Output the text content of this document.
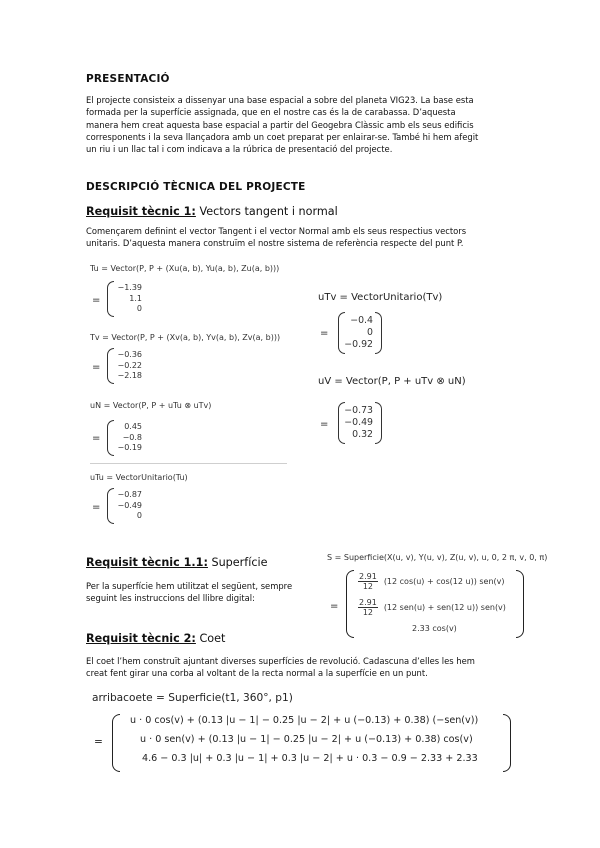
PRESENTACIÓ
El projecte consisteix a dissenyar una base espacial a sobre del planeta VIG23. La base esta
formada per la superfície assignada, que en el nostre cas és la de carabassa. D’aquesta
manera hem creat aquesta base espacial a partir del Geogebra Clàssic amb els seus edificis
corresponents i la seva llançadora amb un coet preparat per enlairar-se. També hi hem afegit
un riu i un llac tal i com indicava a la rúbrica de presentació del projecte.
DESCRIPCIÓ TÈCNICA DEL PROJECTE
Requisit tècnic 1: Vectors tangent i normal
Començarem definint el vector Tangent i el vector Normal amb els seus respectius vectors
unitaris. D’aquesta manera construïm el nostre sistema de referència respecte del punt P.
Tu = Vector(P, P + (Xu(a, b), Yu(a, b), Zu(a, b)))
=
−1.39
1.1
0
Tv = Vector(P, P + (Xv(a, b), Yv(a, b), Zv(a, b)))
=
−0.36
−0.22
−2.18
uN = Vector(P, P + uTu ⊗ uTv)
=
0.45
−0.8
−0.19
uTu = VectorUnitario(Tu)
=
−0.87
−0.49
0
uTv = VectorUnitario(Tv)
=
−0.4
0
−0.92
uV = Vector(P, P + uTv ⊗ uN)
=
−0.73
−0.49
0.32
Requisit tècnic 1.1: Superfície
Per la superfície hem utilitzat el següent, sempre
seguint les instruccions del llibre digital:
S = Superficie(X(u, v), Y(u, v), Z(u, v), u, 0, 2 π, v, 0, π)
=
$\frac{2.91}{12} (12$ cos(u) + cos(12 u)) sen(v)
$\frac{2.91}{12} (12$ sen(u) + sen(12 u)) sen(v)
2.33 cos(v)
Requisit tècnic 2: Coet
El coet l’hem construït ajuntant diverses superfícies de revolució. Cadascuna d’elles les hem
creat fent girar una corba al voltant de la recta normal a la superfície en un punt.
arribacoete = Superficie(t1, 360°, p1)
=
u · 0 cos(v) + (0.13 |u − 1| − 0.25 |u − 2| + u (−0.13) + 0.38) (−sen(v))
u · 0 sen(v) + (0.13 |u − 1| − 0.25 |u − 2| + u (−0.13) + 0.38) cos(v)
4.6 − 0.3 |u| + 0.3 |u − 1| + 0.3 |u − 2| + u · 0.3 − 0.9 − 2.33 + 2.33
